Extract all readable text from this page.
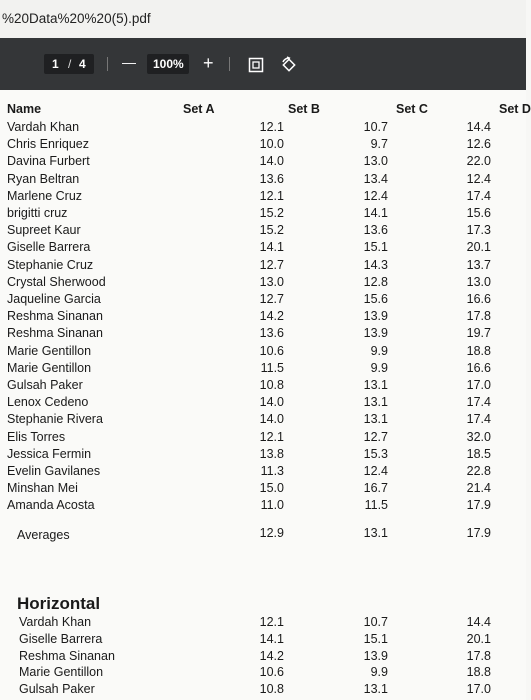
%20Data%20%20(5).pdf
1 / 4	— 100% +
Name	Set A	Set B	Set C	Set D
Vardah Khan	12.1	10.7	14.4
Chris Enriquez	10.0	9.7	12.6
Davina Furbert	14.0	13.0	22.0
Ryan Beltran	13.6	13.4	12.4
Marlene Cruz	12.1	12.4	17.4
brigitti cruz	15.2	14.1	15.6
Supreet Kaur	15.2	13.6	17.3
Giselle Barrera	14.1	15.1	20.1
Stephanie Cruz	12.7	14.3	13.7
Crystal Sherwood	13.0	12.8	13.0
Jaqueline Garcia	12.7	15.6	16.6
Reshma Sinanan	14.2	13.9	17.8
Reshma Sinanan	13.6	13.9	19.7
Marie Gentillon	10.6	9.9	18.8
Marie Gentillon	11.5	9.9	16.6
Gulsah Paker	10.8	13.1	17.0
Lenox Cedeno	14.0	13.1	17.4
Stephanie Rivera	14.0	13.1	17.4
Elis Torres	12.1	12.7	32.0
Jessica Fermin	13.8	15.3	18.5
Evelin Gavilanes	11.3	12.4	22.8
Minshan Mei	15.0	16.7	21.4
Amanda Acosta	11.0	11.5	17.9
Averages	12.9	13.1	17.9
Horizontal
Vardah Khan	12.1	10.7	14.4
Giselle Barrera	14.1	15.1	20.1
Reshma Sinanan	14.2	13.9	17.8
Marie Gentillon	10.6	9.9	18.8
Gulsah Paker	10.8	13.1	17.0
